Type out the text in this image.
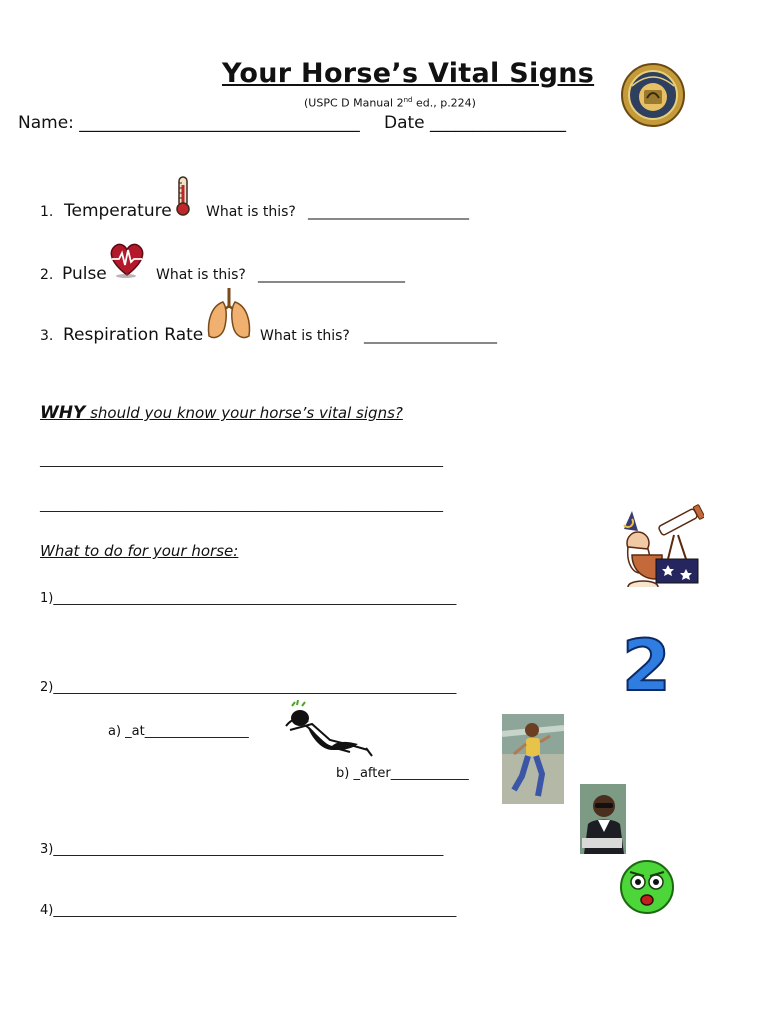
Your Horse’s Vital Signs
(USPC D Manual 2nd ed., p.224)
Name: _________________________________ Date ________________
1. Temperature What is this? _______________________
2. Pulse	What is this? _____________________
3. Respiration Rate	What is this? ___________________
WHY should you know your horse’s vital signs?
______________________________________________________________
______________________________________________________________
What to do for your horse:
1)______________________________________________________________
2
2)______________________________________________________________
a) _at________________
b) _after____________
3)____________________________________________________________
4)______________________________________________________________
